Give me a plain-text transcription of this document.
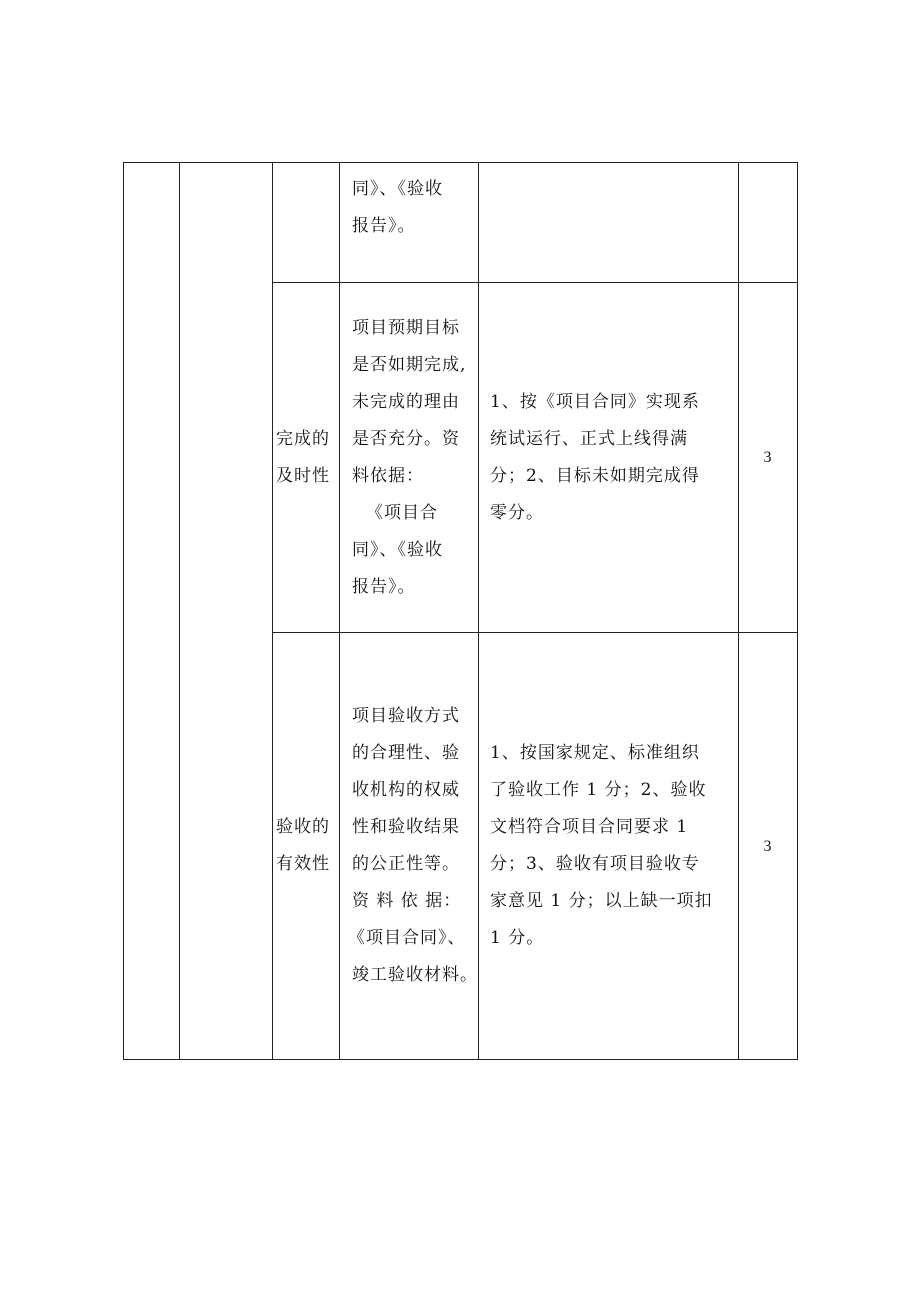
同》、《验收
报告》。
完成的
及时性
项目预期目标
是否如期完成,
未完成的理由
是否充分。资
料依据：
《项目合
同》、《验收
报告》。
1、按《项目合同》实现系
统试运行、正式上线得满
分；2、目标未如期完成得
零分。
3
验收的
有效性
项目验收方式
的合理性、验
收机构的权威
性和验收结果
的公正性等。
资 料 依 据：
《项目合同》、
竣工验收材料。
1、按国家规定、标准组织
了验收工作 1 分；2、验收
文档符合项目合同要求 1
分；3、验收有项目验收专
家意见 1 分；以上缺一项扣
1 分。
3
